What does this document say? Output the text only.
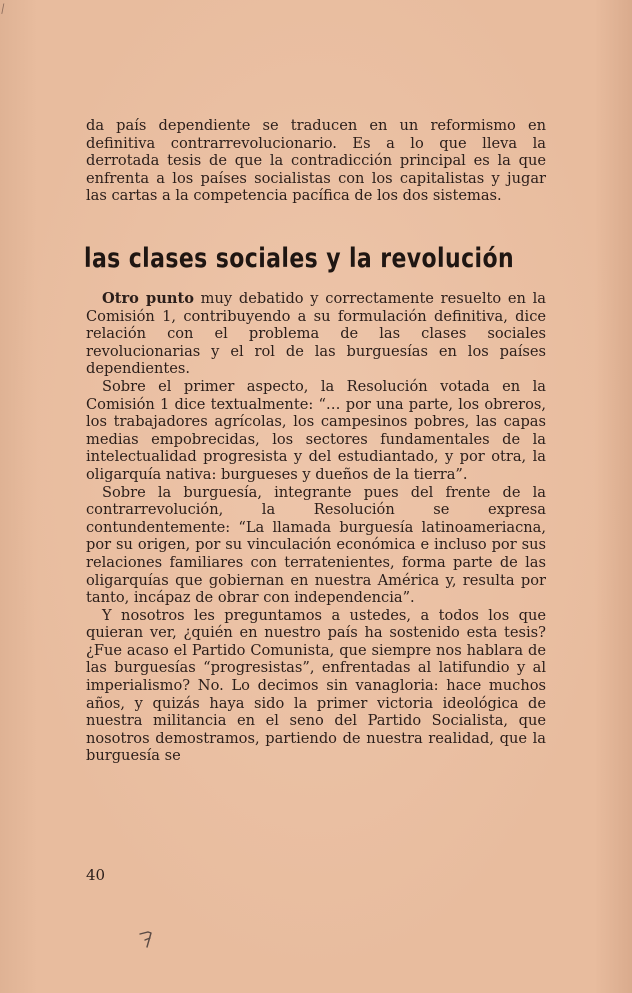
⁄

da país dependiente se traducen en un reformismo en definitiva contrarrevolucionario. Es a lo que lleva la derrotada tesis de que la contradicción principal es la que enfrenta a los países socialistas con los capitalistas y jugar las cartas a la competencia pacífica de los dos sistemas.

las clases sociales y la revolución

Otro punto muy debatido y correctamente resuelto en la Comisión 1, contribuyendo a su formulación definitiva, dice relación con el problema de las clases sociales revolucionarias y el rol de las burguesías en los países dependientes.

Sobre el primer aspecto, la Resolución votada en la Comisión 1 dice textualmente: “… por una parte, los obreros, los trabajadores agrícolas, los campesinos pobres, las capas medias empobrecidas, los sectores fundamentales de la intelectualidad progresista y del estudiantado, y por otra, la oligarquía nativa: burgueses y dueños de la tierra”.

Sobre la burguesía, integrante pues del frente de la contrarrevolución, la Resolución se expresa contundentemente: “La llamada burguesía latinoameriacna, por su origen, por su vinculación económica e incluso por sus relaciones familiares con terratenientes, forma parte de las oligarquías que gobiernan en nuestra América y, resulta por tanto, incápaz de obrar con independencia”.

Y nosotros les preguntamos a ustedes, a todos los que quieran ver, ¿quién en nuestro país ha sostenido esta tesis? ¿Fue acaso el Partido Comunista, que siempre nos hablara de las burguesías “progresistas”, enfrentadas al latifundio y al imperialismo? No. Lo decimos sin vanagloria: hace muchos años, y quizás haya sido la primer victoria ideológica de nuestra militancia en el seno del Partido Socialista, que nosotros demostramos, partiendo de nuestra realidad, que la burguesía se

40
